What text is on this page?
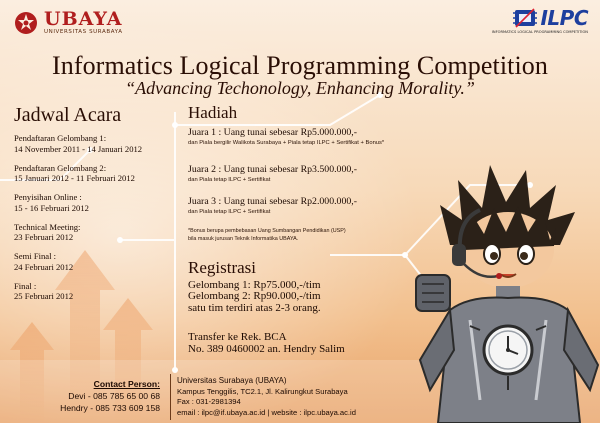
UBAYA
UNIVERSITAS SURABAYA
ILPC
INFORMATICS LOGICAL PROGRAMMING COMPETITION
Informatics Logical Programming Competition
“Advancing Techonology, Enhancing Morality.”
Jadwal Acara
Pendaftaran Gelombang 1:
14 November 2011 - 14 Januari 2012
Pendaftaran Gelombang 2:
15 Januari 2012 - 11 Februari 2012
Penyisihan Online :
15 - 16 Februari 2012
Technical Meeting:
23 Februari 2012
Semi Final :
24 Februari 2012
Final :
25 Februari 2012
Hadiah
Juara 1 : Uang tunai sebesar Rp5.000.000,-
dan Piala bergilir Walikota Surabaya + Piala tetap ILPC + Sertifikat + Bonus*
Juara 2 : Uang tunai sebesar Rp3.500.000,-
dan Piala tetap ILPC + Sertifikat
Juara 3 : Uang tunai sebesar Rp2.000.000,-
dan Piala tetap ILPC + Sertifikat
*Bonus berupa pembebasan Uang Sumbangan Pendidikan (USP)
bila masuk jurusan Teknik Informatika UBAYA.
Registrasi
Gelombang 1: Rp75.000,-/tim
Gelombang 2: Rp90.000,-/tim
satu tim terdiri atas 2-3 orang.
Transfer ke Rek. BCA
No. 389 0460002 an. Hendry Salim
Contact Person:
Devi - 085 785 65 00 68
Hendry - 085 733 609 158
Universitas Surabaya (UBAYA)
Kampus Tenggilis, TC2.1, Jl. Kalirungkut Surabaya
Fax : 031-2981394
email : ilpc@if.ubaya.ac.id | website : ilpc.ubaya.ac.id
